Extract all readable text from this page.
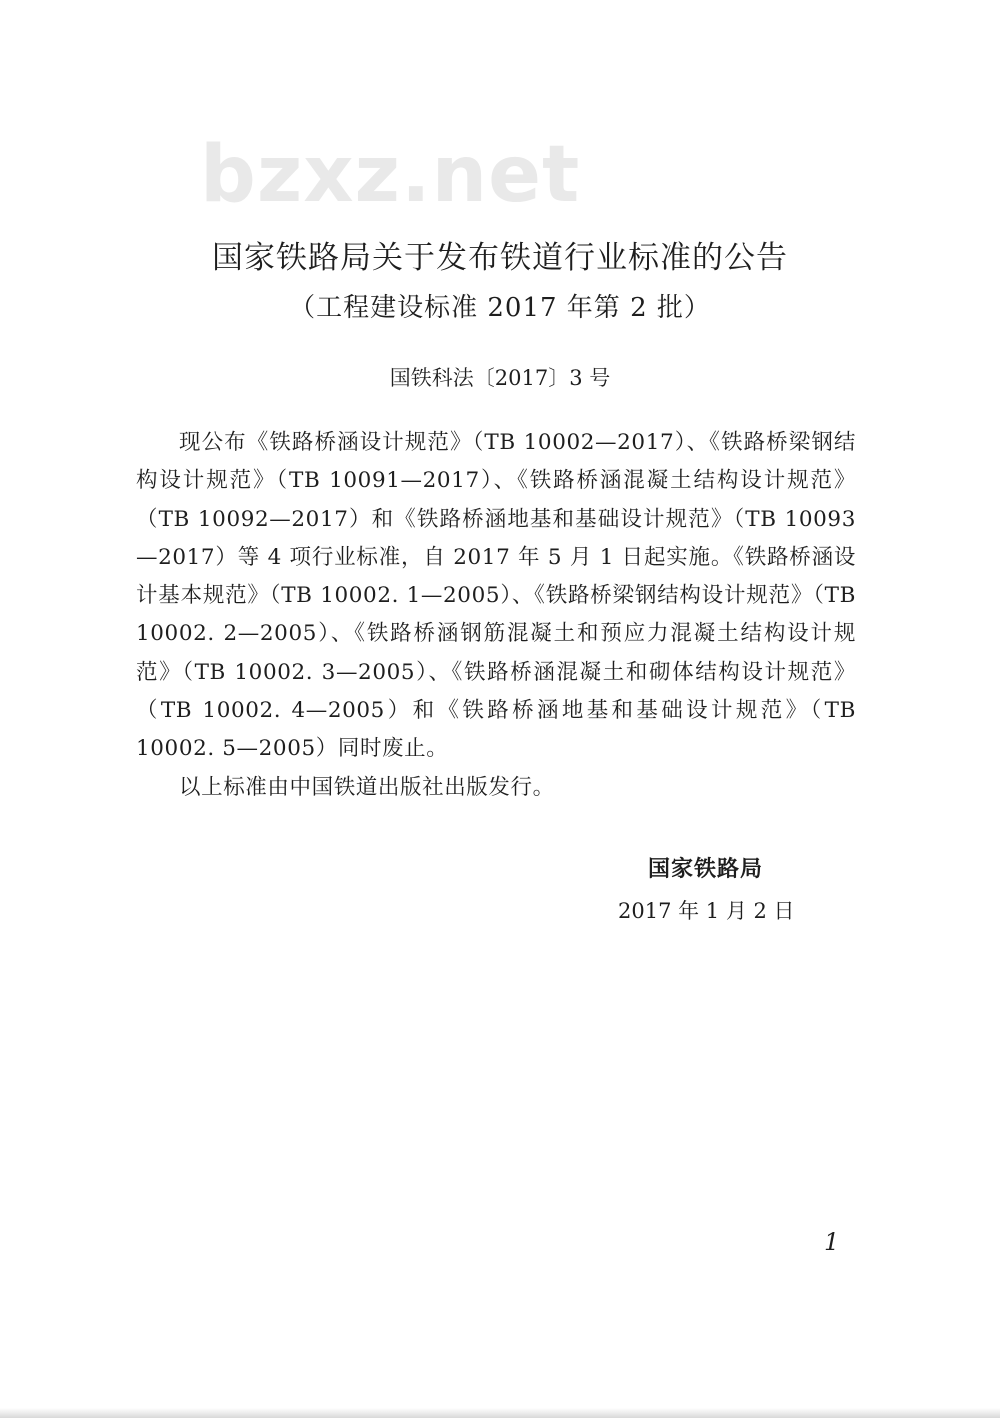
bzxz.net
国家铁路局关于发布铁道行业标准的公告
（工程建设标准 2017 年第 2 批）
国铁科法〔2017〕3 号

现公布《铁路桥涵设计规范》（TB 10002—2017）、《铁路桥梁钢结构设计规范》（TB 10091—2017）、《铁路桥涵混凝土结构设计规范》（TB 10092—2017）和《铁路桥涵地基和基础设计规范》（TB 10093—2017）等 4 项行业标准，自 2017 年 5 月 1 日起实施。《铁路桥涵设计基本规范》（TB 10002. 1—2005）、《铁路桥梁钢结构设计规范》（TB 10002. 2—2005）、《铁路桥涵钢筋混凝土和预应力混凝土结构设计规范》（TB 10002. 3—2005）、《铁路桥涵混凝土和砌体结构设计规范》（TB 10002. 4—2005）和《铁路桥涵地基和基础设计规范》（TB 10002. 5—2005）同时废止。

以上标准由中国铁道出版社出版发行。

国家铁路局
2017 年 1 月 2 日
1
